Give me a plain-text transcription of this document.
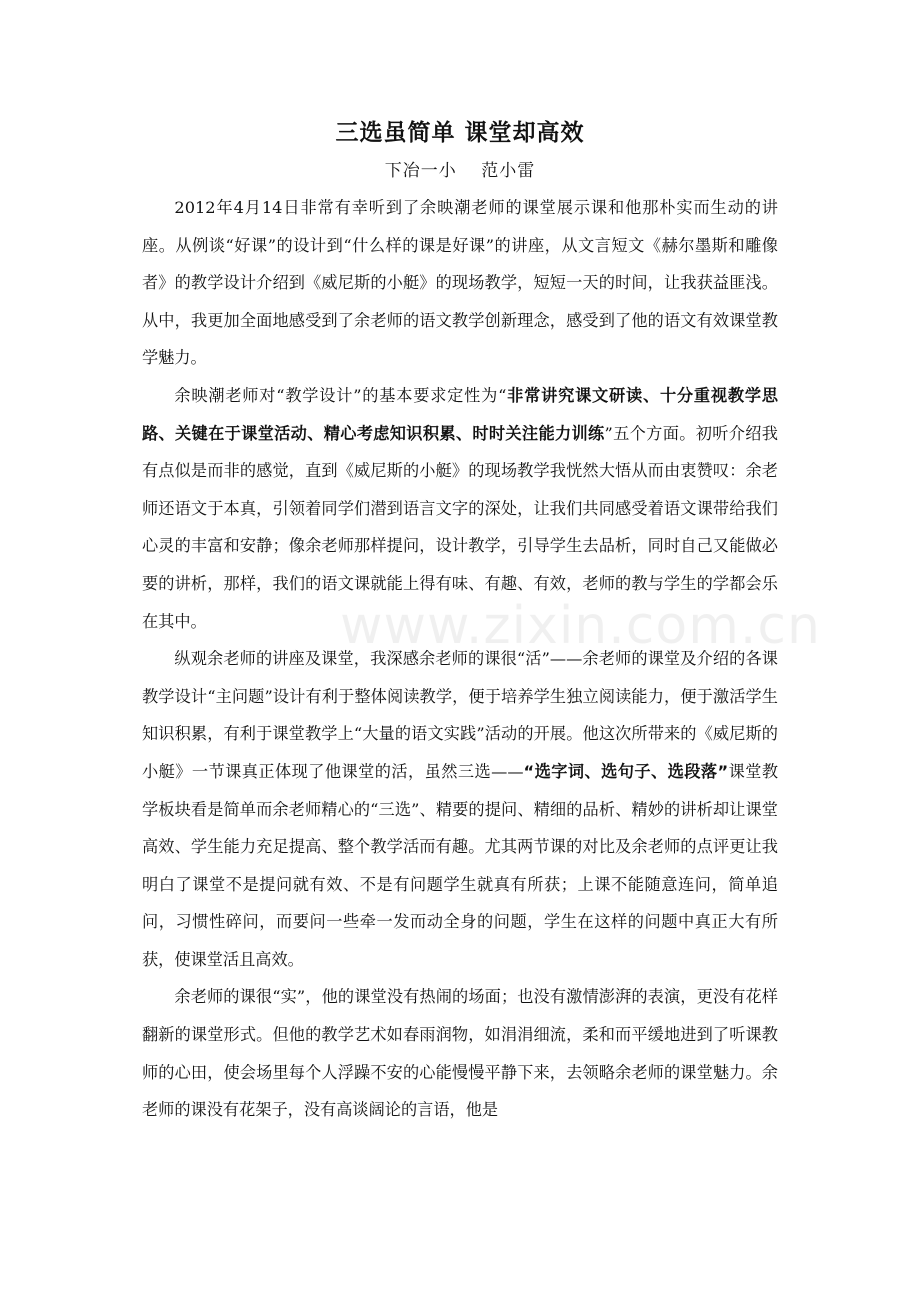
三选虽简单 课堂却高效
下冶一小　 范小雷

2012年4月14日非常有幸听到了余映潮老师的课堂展示课和他那朴实而生动的讲座。从例谈“好课”的设计到“什么样的课是好课”的讲座，从文言短文《赫尔墨斯和雕像者》的教学设计介绍到《威尼斯的小艇》的现场教学，短短一天的时间，让我获益匪浅。从中，我更加全面地感受到了余老师的语文教学创新理念，感受到了他的语文有效课堂教学魅力。

余映潮老师对“教学设计”的基本要求定性为“非常讲究课文研读、十分重视教学思路、关键在于课堂活动、精心考虑知识积累、时时关注能力训练”五个方面。初听介绍我有点似是而非的感觉，直到《威尼斯的小艇》的现场教学我恍然大悟从而由衷赞叹：余老师还语文于本真，引领着同学们潜到语言文字的深处，让我们共同感受着语文课带给我们心灵的丰富和安静；像余老师那样提问，设计教学，引导学生去品析，同时自己又能做必要的讲析，那样，我们的语文课就能上得有味、有趣、有效，老师的教与学生的学都会乐在其中。

纵观余老师的讲座及课堂，我深感余老师的课很“活”——余老师的课堂及介绍的各课教学设计“主问题”设计有利于整体阅读教学，便于培养学生独立阅读能力，便于激活学生知识积累，有利于课堂教学上“大量的语文实践”活动的开展。他这次所带来的《威尼斯的小艇》一节课真正体现了他课堂的活，虽然三选——“选字词、选句子、选段落”课堂教学板块看是简单而余老师精心的“三选”、精要的提问、精细的品析、精妙的讲析却让课堂高效、学生能力充足提高、整个教学活而有趣。尤其两节课的对比及余老师的点评更让我明白了课堂不是提问就有效、不是有问题学生就真有所获；上课不能随意连问，简单追问，习惯性碎问，而要问一些牵一发而动全身的问题，学生在这样的问题中真正大有所获，使课堂活且高效。

余老师的课很“实”，他的课堂没有热闹的场面；也没有激情澎湃的表演，更没有花样翻新的课堂形式。但他的教学艺术如春雨润物，如涓涓细流，柔和而平缓地进到了听课教师的心田，使会场里每个人浮躁不安的心能慢慢平静下来，去领略余老师的课堂魅力。余老师的课没有花架子，没有高谈阔论的言语，他是

www.zixin.com.cn
